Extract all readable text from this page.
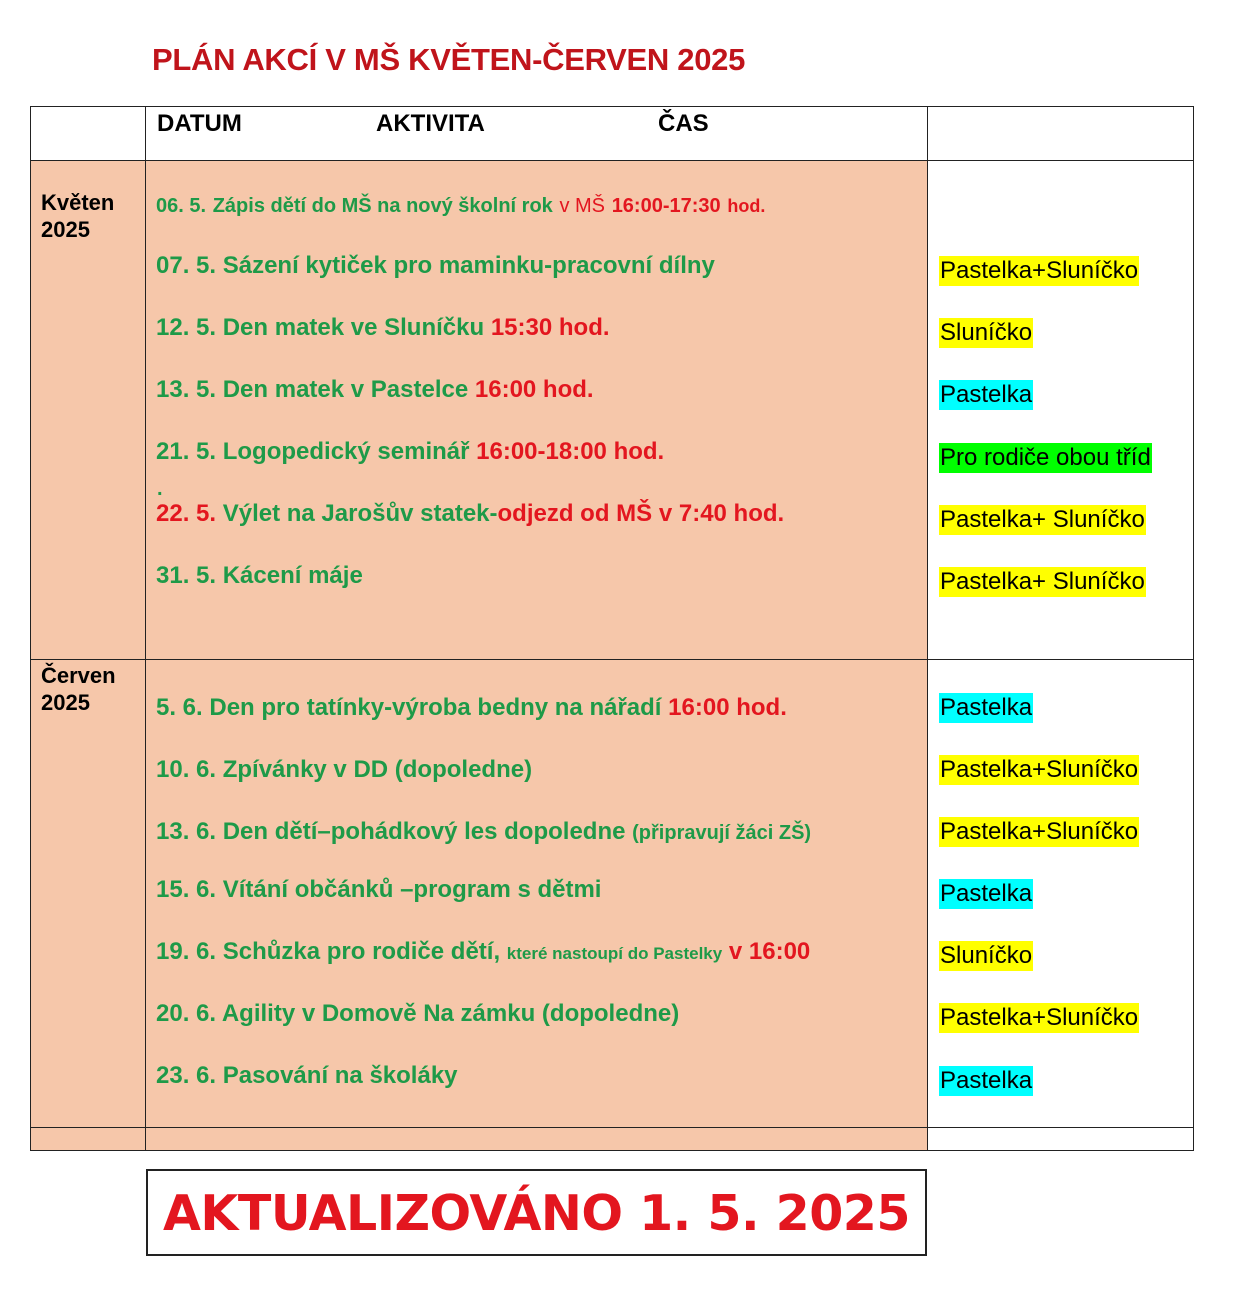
PLÁN AKCÍ V MŠ KVĚTEN-ČERVEN 2025
DATUM	AKTIVITA	ČAS
Květen
2025
Červen
2025
06. 5. Zápis dětí do MŠ na nový školní rok v MŠ 16:00-17:30 hod.
07. 5. Sázení kytiček pro maminku-pracovní dílny	Pastelka+Sluníčko
12. 5. Den matek ve Sluníčku 15:30 hod.	Sluníčko
13. 5. Den matek v Pastelce 16:00 hod.	Pastelka
21. 5. Logopedický seminář 16:00-18:00 hod.	Pro rodiče obou tříd
.
22. 5. Výlet na Jarošův statek-odjezd od MŠ v 7:40 hod.	Pastelka+ Sluníčko
31. 5. Kácení máje	Pastelka+ Sluníčko
5. 6. Den pro tatínky-výroba bedny na nářadí 16:00 hod.	Pastelka
10. 6. Zpívánky v DD (dopoledne)	Pastelka+Sluníčko
13. 6. Den dětí–pohádkový les dopoledne (připravují žáci ZŠ)	Pastelka+Sluníčko
15. 6. Vítání občánků –program s dětmi	Pastelka
19. 6. Schůzka pro rodiče dětí, které nastoupí do Pastelky v 16:00	Sluníčko
20. 6. Agility v Domově Na zámku (dopoledne)	Pastelka+Sluníčko
23. 6. Pasování na školáky	Pastelka
AKTUALIZOVÁNO 1. 5. 2025
